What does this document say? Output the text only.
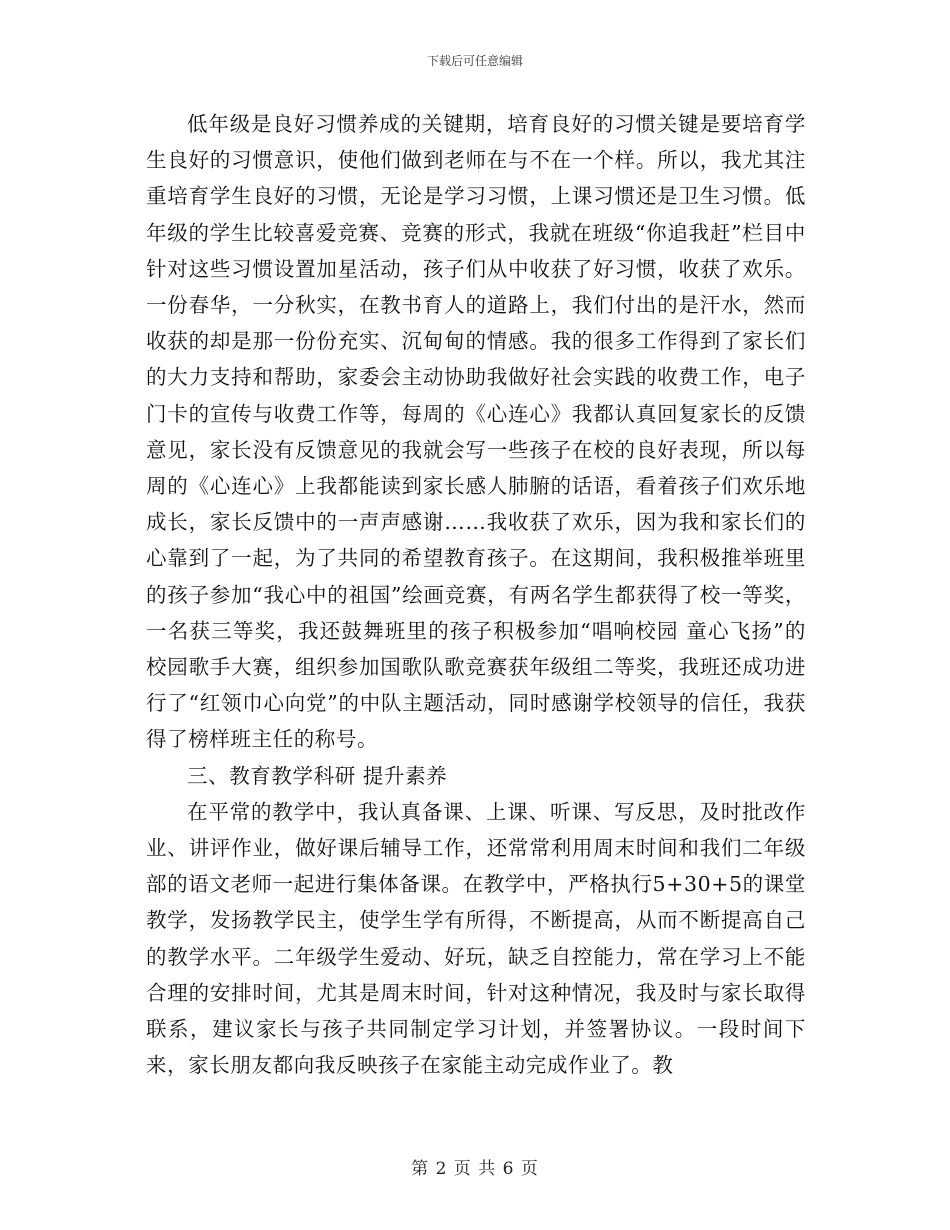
下载后可任意编辑

低年级是良好习惯养成的关键期，培育良好的习惯关键是要培育学生良好的习惯意识，使他们做到老师在与不在一个样。所以，我尤其注重培育学生良好的习惯，无论是学习习惯，上课习惯还是卫生习惯。低年级的学生比较喜爱竞赛、竞赛的形式，我就在班级“你追我赶”栏目中针对这些习惯设置加星活动，孩子们从中收获了好习惯，收获了欢乐。一份春华，一分秋实，在教书育人的道路上，我们付出的是汗水，然而收获的却是那一份份充实、沉甸甸的情感。我的很多工作得到了家长们的大力支持和帮助，家委会主动协助我做好社会实践的收费工作，电子门卡的宣传与收费工作等，每周的《心连心》我都认真回复家长的反馈意见，家长没有反馈意见的我就会写一些孩子在校的良好表现，所以每周的《心连心》上我都能读到家长感人肺腑的话语，看着孩子们欢乐地成长，家长反馈中的一声声感谢……我收获了欢乐，因为我和家长们的心靠到了一起，为了共同的希望教育孩子。在这期间，我积极推举班里的孩子参加“我心中的祖国”绘画竞赛，有两名学生都获得了校一等奖，一名获三等奖，我还鼓舞班里的孩子积极参加“唱响校园 童心飞扬”的校园歌手大赛，组织参加国歌队歌竞赛获年级组二等奖，我班还成功进行了“红领巾心向党”的中队主题活动，同时感谢学校领导的信任，我获得了榜样班主任的称号。

三、教育教学科研 提升素养

在平常的教学中，我认真备课、上课、听课、写反思，及时批改作业、讲评作业，做好课后辅导工作，还常常利用周末时间和我们二年级部的语文老师一起进行集体备课。在教学中，严格执行5+30+5的课堂教学，发扬教学民主，使学生学有所得，不断提高，从而不断提高自己的教学水平。二年级学生爱动、好玩，缺乏自控能力，常在学习上不能合理的安排时间，尤其是周末时间，针对这种情况，我及时与家长取得联系，建议家长与孩子共同制定学习计划，并签署协议。一段时间下来，家长朋友都向我反映孩子在家能主动完成作业了。教

第 2 页 共 6 页
